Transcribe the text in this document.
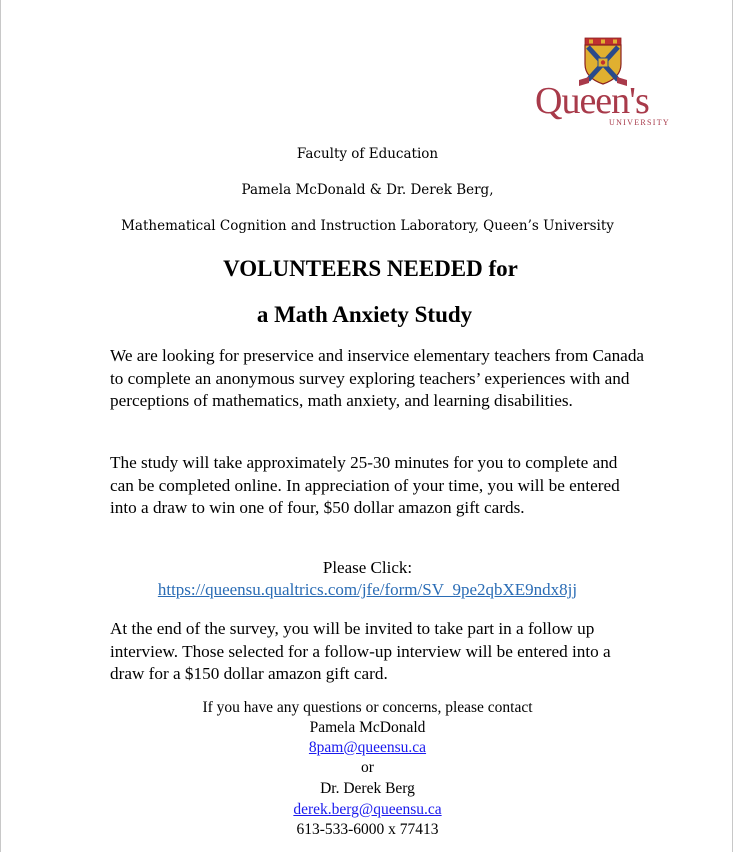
Queen's
UNIVERSITY
Faculty of Education
Pamela McDonald & Dr. Derek Berg,
Mathematical Cognition and Instruction Laboratory, Queen’s University
VOLUNTEERS NEEDED for
a Math Anxiety Study

We are looking for preservice and inservice elementary teachers from Canada to complete an anonymous survey exploring teachers’ experiences with and perceptions of mathematics, math anxiety, and learning disabilities.

The study will take approximately 25-30 minutes for you to complete and can be completed online. In appreciation of your time, you will be entered into a draw to win one of four, $50 dollar amazon gift cards.

Please Click:
https://queensu.qualtrics.com/jfe/form/SV_9pe2qbXE9ndx8jj

At the end of the survey, you will be invited to take part in a follow up interview. Those selected for a follow-up interview will be entered into a draw for a $150 dollar amazon gift card.

If you have any questions or concerns, please contact
Pamela McDonald
8pam@queensu.ca
or
Dr. Derek Berg
derek.berg@queensu.ca
613-533-6000 x 77413
